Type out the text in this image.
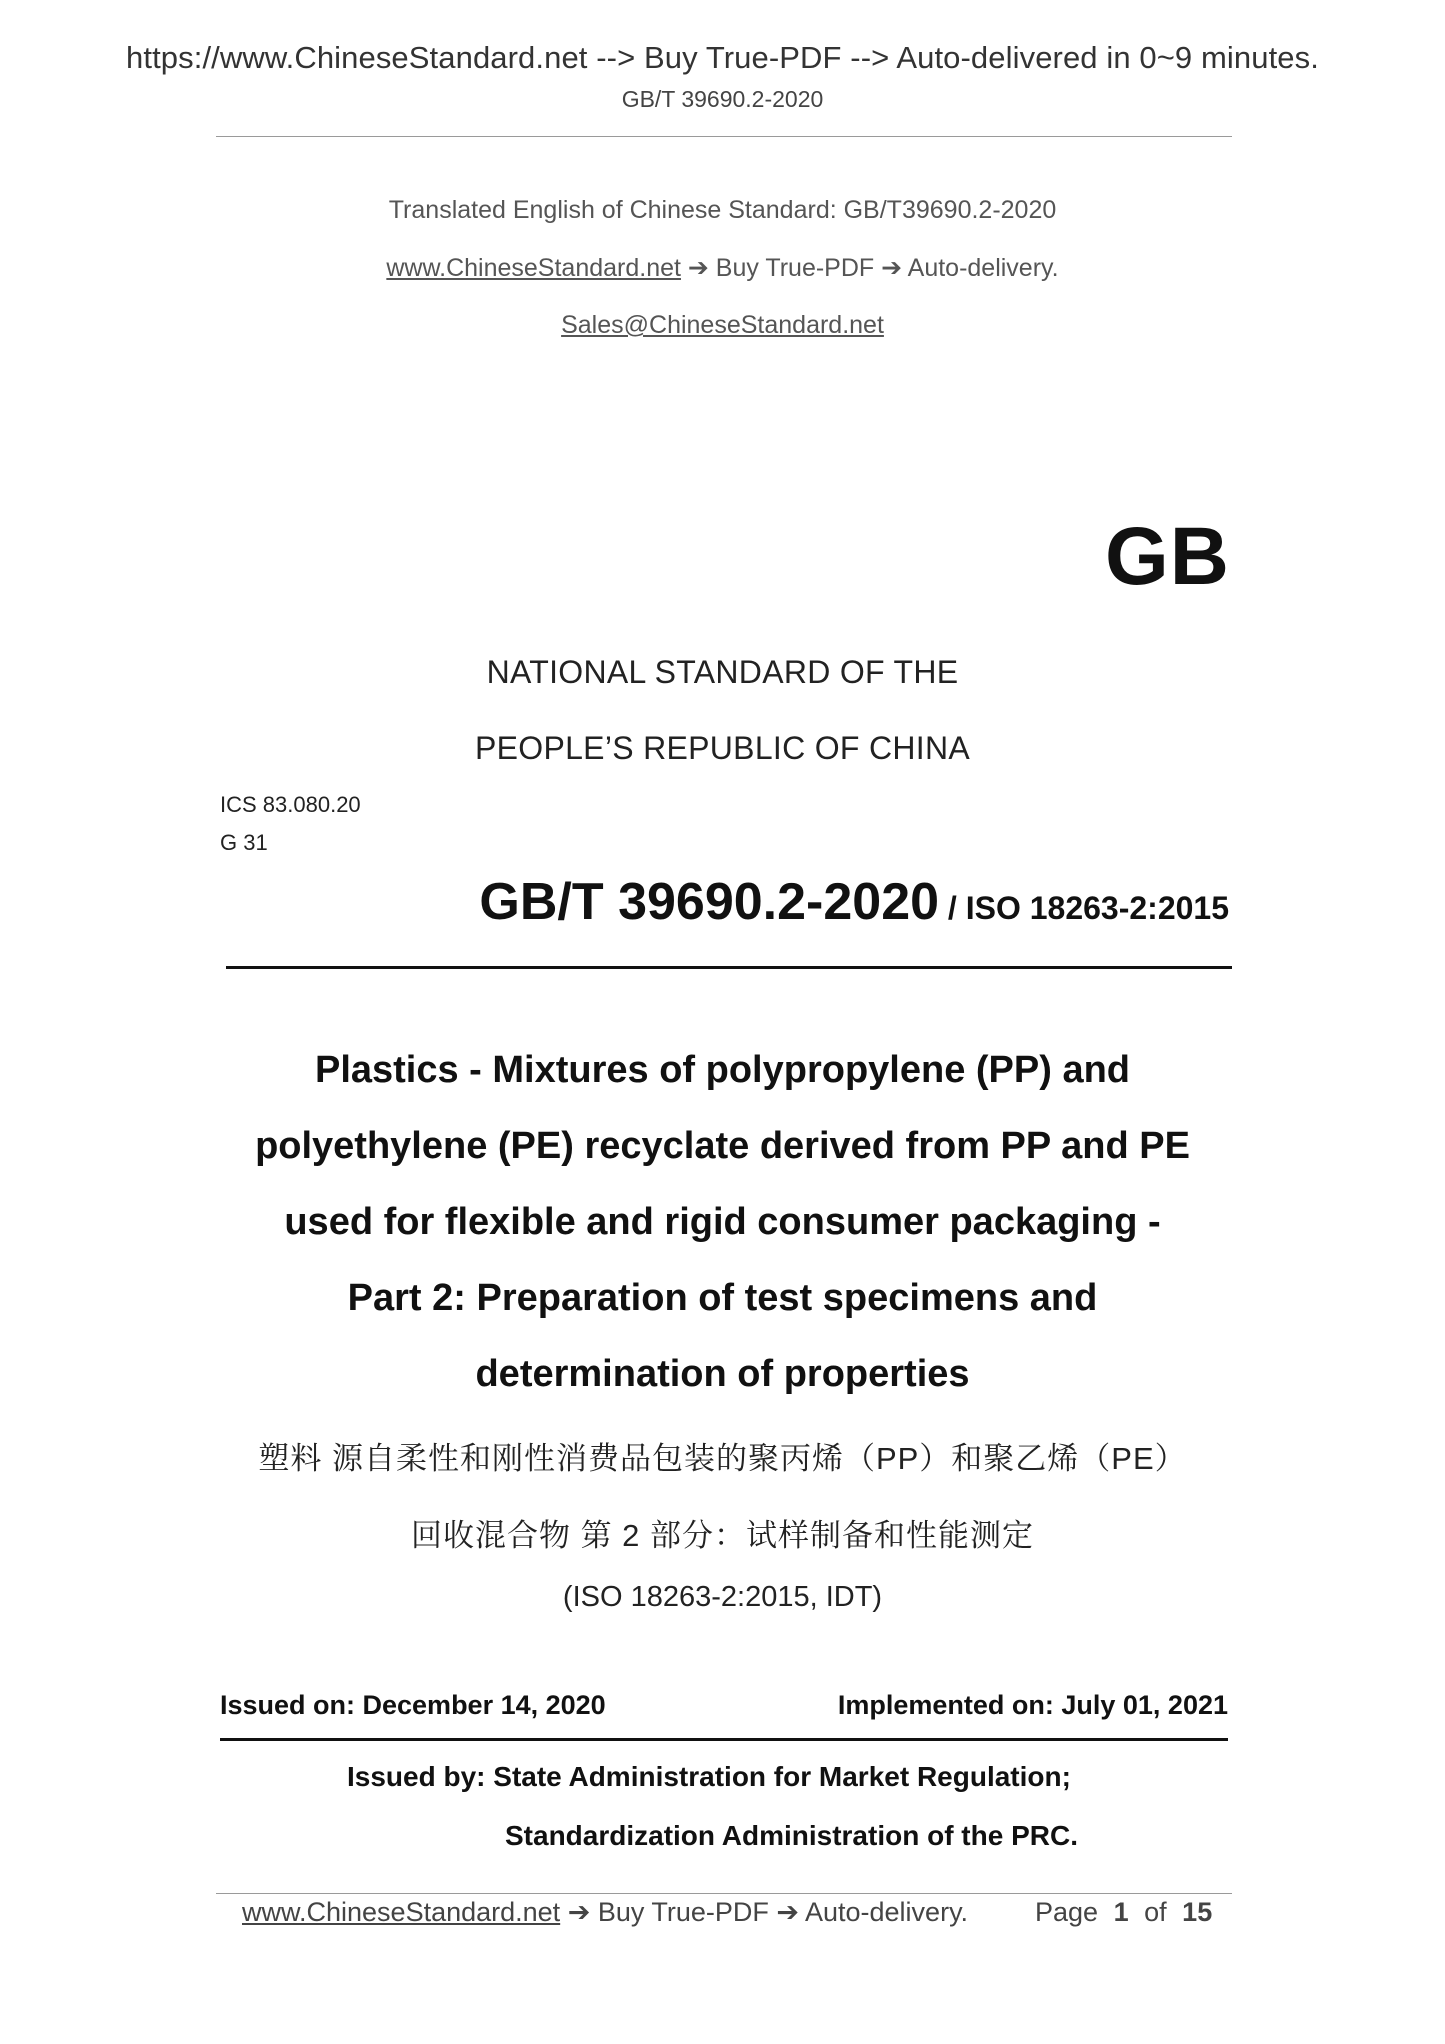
https://www.ChineseStandard.net --> Buy True-PDF --> Auto-delivered in 0~9 minutes.
GB/T 39690.2-2020
Translated English of Chinese Standard: GB/T39690.2-2020
www.ChineseStandard.net ➔ Buy True-PDF ➔ Auto-delivery.
Sales@ChineseStandard.net
GB
NATIONAL STANDARD OF THE
PEOPLE’S REPUBLIC OF CHINA
ICS 83.080.20
G 31
GB/T 39690.2-2020 / ISO 18263-2:2015
Plastics - Mixtures of polypropylene (PP) and
polyethylene (PE) recyclate derived from PP and PE
used for flexible and rigid consumer packaging -
Part 2: Preparation of test specimens and
determination of properties
塑料 源自柔性和刚性消费品包装的聚丙烯（PP）和聚乙烯（PE）
回收混合物 第 2 部分：试样制备和性能测定
(ISO 18263-2:2015, IDT)
Issued on: December 14, 2020	Implemented on: July 01, 2021
Issued by: State Administration for Market Regulation;
Standardization Administration of the PRC.
www.ChineseStandard.net ➔ Buy True-PDF ➔ Auto-delivery. Page 1 of 15
